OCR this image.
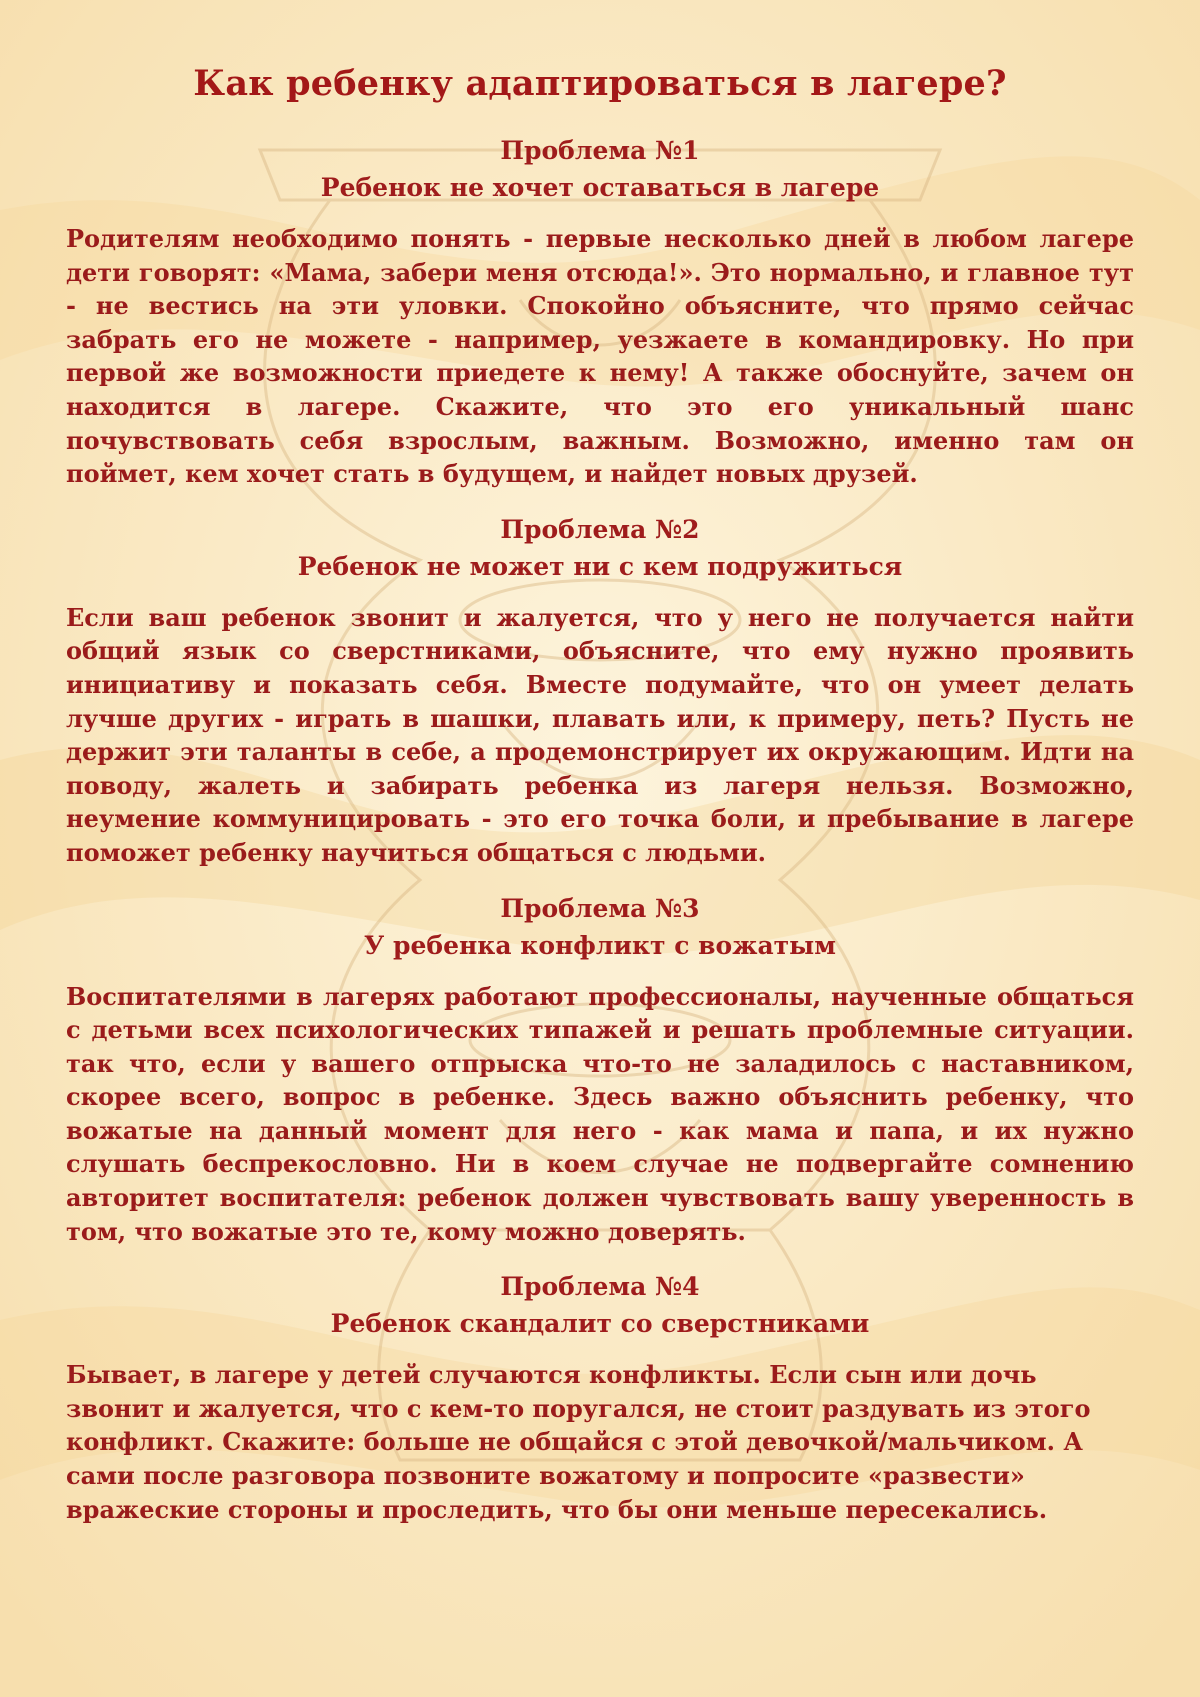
Как ребенку адаптироваться в лагере?
Проблема №1
Ребенок не хочет оставаться в лагере
Родителям необходимо понять - первые несколько дней в любом лагере дети говорят: «Мама, забери меня отсюда!». Это нормально, и главное тут - не вестись на эти уловки. Спокойно объясните, что прямо сейчас забрать его не можете - например, уезжаете в командировку. Но при первой же возможности приедете к нему! А также обоснуйте, зачем он находится в лагере. Скажите, что это его уникальный шанс почувствовать себя взрослым, важным. Возможно, именно там он поймет, кем хочет стать в будущем, и найдет новых друзей.
Проблема №2
Ребенок не может ни с кем подружиться
Если ваш ребенок звонит и жалуется, что у него не получается найти общий язык со сверстниками, объясните, что ему нужно проявить инициативу и показать себя. Вместе подумайте, что он умеет делать лучше других - играть в шашки, плавать или, к примеру, петь? Пусть не держит эти таланты в себе, а продемонстрирует их окружающим. Идти на поводу, жалеть и забирать ребенка из лагеря нельзя. Возможно, неумение коммуницировать - это его точка боли, и пребывание в лагере поможет ребенку научиться общаться с людьми.
Проблема №3
У ребенка конфликт с вожатым
Воспитателями в лагерях работают профессионалы, наученные общаться с детьми всех психологических типажей и решать проблемные ситуации. так что, если у вашего отпрыска что-то не заладилось с наставником, скорее всего, вопрос в ребенке. Здесь важно объяснить ребенку, что вожатые на данный момент для него - как мама и папа, и их нужно слушать беспрекословно. Ни в коем случае не подвергайте сомнению авторитет воспитателя: ребенок должен чувствовать вашу уверенность в том, что вожатые это те, кому можно доверять.
Проблема №4
Ребенок скандалит со сверстниками
Бывает, в лагере у детей случаются конфликты. Если сын или дочь звонит и жалуется, что с кем-то поругался, не стоит раздувать из этого конфликт. Скажите: больше не общайся с этой девочкой/мальчиком. А сами после разговора позвоните вожатому и попросите «развести» вражеские стороны и проследить, что бы они меньше пересекались.
